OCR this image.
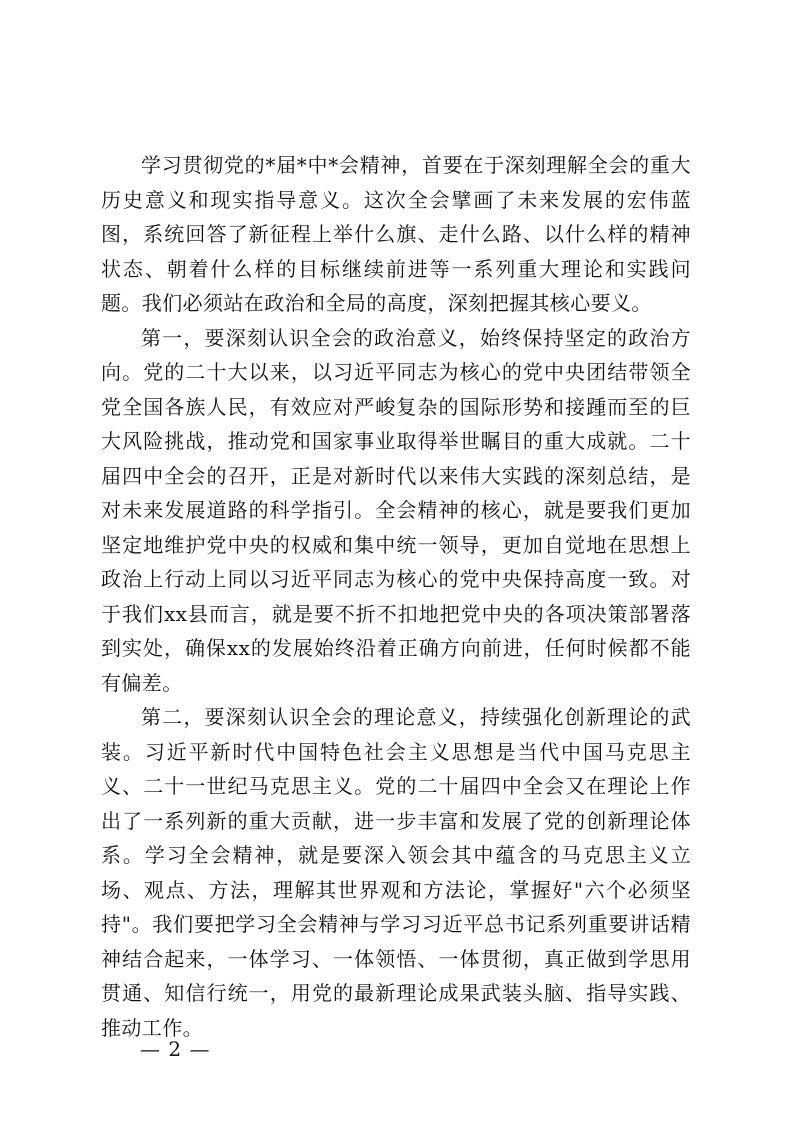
学习贯彻党的*届*中*会精神，首要在于深刻理解全会的重大历史意义和现实指导意义。这次全会擘画了未来发展的宏伟蓝图，系统回答了新征程上举什么旗、走什么路、以什么样的精神状态、朝着什么样的目标继续前进等一系列重大理论和实践问题。我们必须站在政治和全局的高度，深刻把握其核心要义。

第一，要深刻认识全会的政治意义，始终保持坚定的政治方向。党的二十大以来，以习近平同志为核心的党中央团结带领全党全国各族人民，有效应对严峻复杂的国际形势和接踵而至的巨大风险挑战，推动党和国家事业取得举世瞩目的重大成就。二十届四中全会的召开，正是对新时代以来伟大实践的深刻总结，是对未来发展道路的科学指引。全会精神的核心，就是要我们更加坚定地维护党中央的权威和集中统一领导，更加自觉地在思想上政治上行动上同以习近平同志为核心的党中央保持高度一致。对于我们xx县而言，就是要不折不扣地把党中央的各项决策部署落到实处，确保xx的发展始终沿着正确方向前进，任何时候都不能有偏差。

第二，要深刻认识全会的理论意义，持续强化创新理论的武装。习近平新时代中国特色社会主义思想是当代中国马克思主义、二十一世纪马克思主义。党的二十届四中全会又在理论上作出了一系列新的重大贡献，进一步丰富和发展了党的创新理论体系。学习全会精神，就是要深入领会其中蕴含的马克思主义立场、观点、方法，理解其世界观和方法论，掌握好"六个必须坚持"。我们要把学习全会精神与学习习近平总书记系列重要讲话精神结合起来，一体学习、一体领悟、一体贯彻，真正做到学思用贯通、知信行统一，用党的最新理论成果武装头脑、指导实践、推动工作。

— 2 —
